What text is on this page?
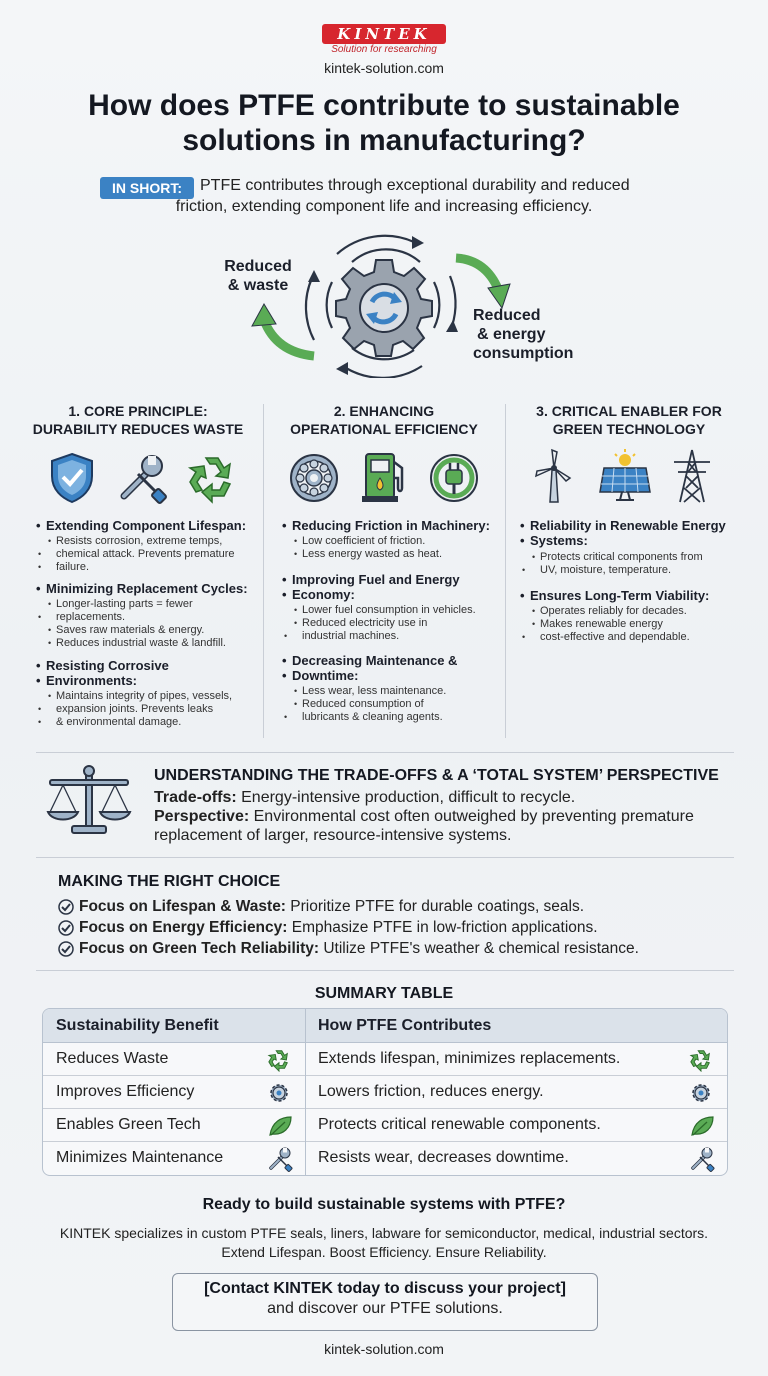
KINTEK
Solution for researching
kintek-solution.com
How does PTFE contribute to sustainable solutions in manufacturing?
IN SHORT:	PTFE contributes through exceptional durability and reduced
friction, extending component life and increasing efficiency.
Reduced
& waste
Reduced
& energy
consumption
1. CORE PRINCIPLE:
DURABILITY REDUCES WASTE
• Extending Component Lifespan:
• Resists corrosion, extreme temps,
• chemical attack. Prevents premature
• failure.
• Minimizing Replacement Cycles:
• Longer-lasting parts = fewer
• replacements.
• Saves raw materials & energy.
• Reduces industrial waste & landfill.
• Resisting Corrosive
• Environments:
• Maintains integrity of pipes, vessels,
• expansion joints. Prevents leaks
• & environmental damage.
2. ENHANCING
OPERATIONAL EFFICIENCY
• Reducing Friction in Machinery:
• Low coefficient of friction.
• Less energy wasted as heat.
• Improving Fuel and Energy
• Economy:
• Lower fuel consumption in vehicles.
• Reduced electricity use in
• industrial machines.
• Decreasing Maintenance &
• Downtime:
• Less wear, less maintenance.
• Reduced consumption of
• lubricants & cleaning agents.
3. CRITICAL ENABLER FOR
GREEN TECHNOLOGY
• Reliability in Renewable Energy
• Systems:
• Protects critical components from
• UV, moisture, temperature.
• Ensures Long-Term Viability:
• Operates reliably for decades.
• Makes renewable energy
• cost-effective and dependable.
UNDERSTANDING THE TRADE-OFFS & A ‘TOTAL SYSTEM’ PERSPECTIVE
Trade-offs: Energy-intensive production, difficult to recycle.
Perspective: Environmental cost often outweighed by preventing premature
replacement of larger, resource-intensive systems.
MAKING THE RIGHT CHOICE
Focus on Lifespan & Waste: Prioritize PTFE for durable coatings, seals.
Focus on Energy Efficiency: Emphasize PTFE in low-friction applications.
Focus on Green Tech Reliability: Utilize PTFE's weather & chemical resistance.
SUMMARY TABLE
Sustainability Benefit	How PTFE Contributes
Reduces Waste	Extends lifespan, minimizes replacements.
Improves Efficiency	Lowers friction, reduces energy.
Enables Green Tech	Protects critical renewable components.
Minimizes Maintenance	Resists wear, decreases downtime.
Ready to build sustainable systems with PTFE?
KINTEK specializes in custom PTFE seals, liners, labware for semiconductor, medical, industrial sectors.
Extend Lifespan. Boost Efficiency. Ensure Reliability.
[Contact KINTEK today to discuss your project]
and discover our PTFE solutions.
kintek-solution.com
